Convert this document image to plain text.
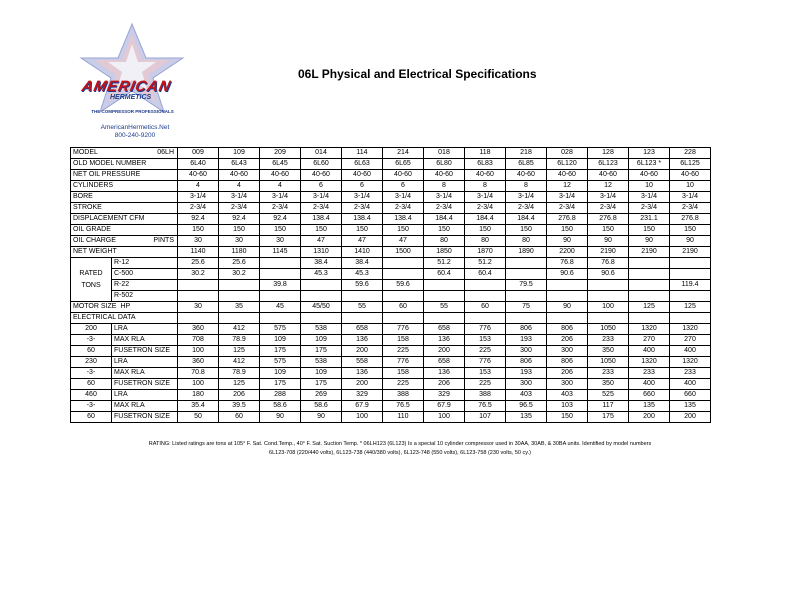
AMERICAN
HERMETICS
THE COMPRESSOR PROFESSIONALS
AmericanHermetics.Net
800-240-9200
06L Physical and Electrical Specifications
MODEL 06LH		009	109	209	014	114	214	018	118	218	028	128	123	228
OLD MODEL NUMBER		6L40	6L43	6L45	6L60	6L63	6L65	6L80	6L83	6L85	6L120	6L123	6L123 *	6L125
NET OIL PRESSURE		40-60	40-60	40-60	40-60	40-60	40-60	40-60	40-60	40-60	40-60	40-60	40-60	40-60
CYLINDERS		4	4	4	6	6	6	8	8	8	12	12	10	10
BORE		3-1/4	3-1/4	3-1/4	3-1/4	3-1/4	3-1/4	3-1/4	3-1/4	3-1/4	3-1/4	3-1/4	3-1/4	3-1/4
STROKE		2-3/4	2-3/4	2-3/4	2-3/4	2-3/4	2-3/4	2-3/4	2-3/4	2-3/4	2-3/4	2-3/4	2-3/4	2-3/4
DISPLACEMENT CFM		92.4	92.4	92.4	138.4	138.4	138.4	184.4	184.4	184.4	276.8	276.8	231.1	276.8
OIL GRADE		150	150	150	150	150	150	150	150	150	150	150	150	150
OIL CHARGE PINTS		30	30	30	47	47	47	80	80	80	90	90	90	90
NET WEIGHT		1140	1180	1145	1310	1410	1500	1850	1870	1890	2200	2190	2190	2190

RATED
TONS	R-12	25.6	25.6		38.4	38.4		51.2	51.2		76.8	76.8		
	C-500	30.2	30.2		45.3	45.3		60.4	60.4		90.6	90.6		
	R-22			39.8		59.6	59.6			79.5				119.4
	R-502													
MOTOR SIZE HP		30	35	45	45/50	55	60	55	60	75	90	100	125	125
ELECTRICAL DATA														
200	LRA	360	412	575	538	658	776	658	776	806	806	1050	1320	1320
-3-	MAX RLA	708	78.9	109	109	136	158	136	153	193	206	233	270	270
60	FUSETRON SIZE	100	125	175	175	200	225	200	225	300	300	350	400	400
230	LRA	360	412	575	538	558	776	658	776	806	806	1050	1320	1320
-3-	MAX RLA	70.8	78.9	109	109	136	158	136	153	193	206	233	233	233
60	FUSETRON SIZE	100	125	175	175	200	225	206	225	300	300	350	400	400
460	LRA	180	206	288	269	329	388	329	388	403	403	525	660	660
-3-	MAX RLA	35.4	39.5	58.6	58.6	67.9	76.5	67.9	76.5	96.5	103	117	135	135
60	FUSETRON SIZE	50	60	90	90	100	110	100	107	135	150	175	200	200
RATING: Listed ratings are tons at 105° F. Sat. Cond.Temp., 40° F. Sat. Suction Temp. * 06LH123 (6L123) Is a special 10 cylinder compressor used in 30AA, 30AB, & 30BA units. Identified by model numbers
6L123-708 (220/440 volts), 6L123-738 (440/380 volts), 6L123-748 (550 volts), 6L123-758 (230 volts, 50 cy.)
